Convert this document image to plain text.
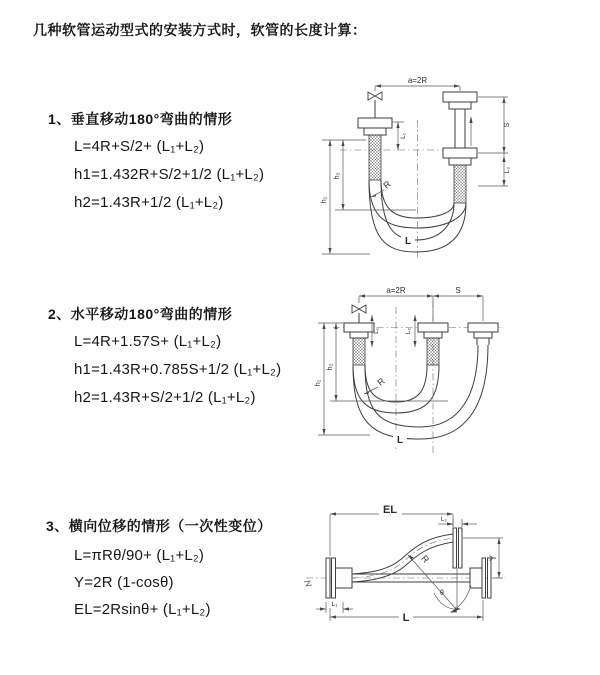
几种软管运动型式的安装方式时，软管的长度计算：
1、垂直移动180°弯曲的情形
L=4R+S/2+ (L₁+L₂)
h1=1.432R+S/2+1/2 (L₁+L₂)
h2=1.43R+1/2 (L₁+L₂)
2、水平移动180°弯曲的情形
L=4R+1.57S+ (L₁+L₂)
h1=1.43R+0.785S+1/2 (L₁+L₂)
h2=1.43R+S/2+1/2 (L₁+L₂)
3、横向位移的情形（一次性变位）
L=πRθ/90+ (L₁+L₂)
Y=2R (1-cosθ)
EL=2Rsinθ+ (L₁+L₂)
a=2R
h₁
h₂
L₁
S
L₂
R
L
a=2R	S
h₁
h₂
L₁	L₂
R
L
EL
L₂
R
θ
Y
L₁
L
